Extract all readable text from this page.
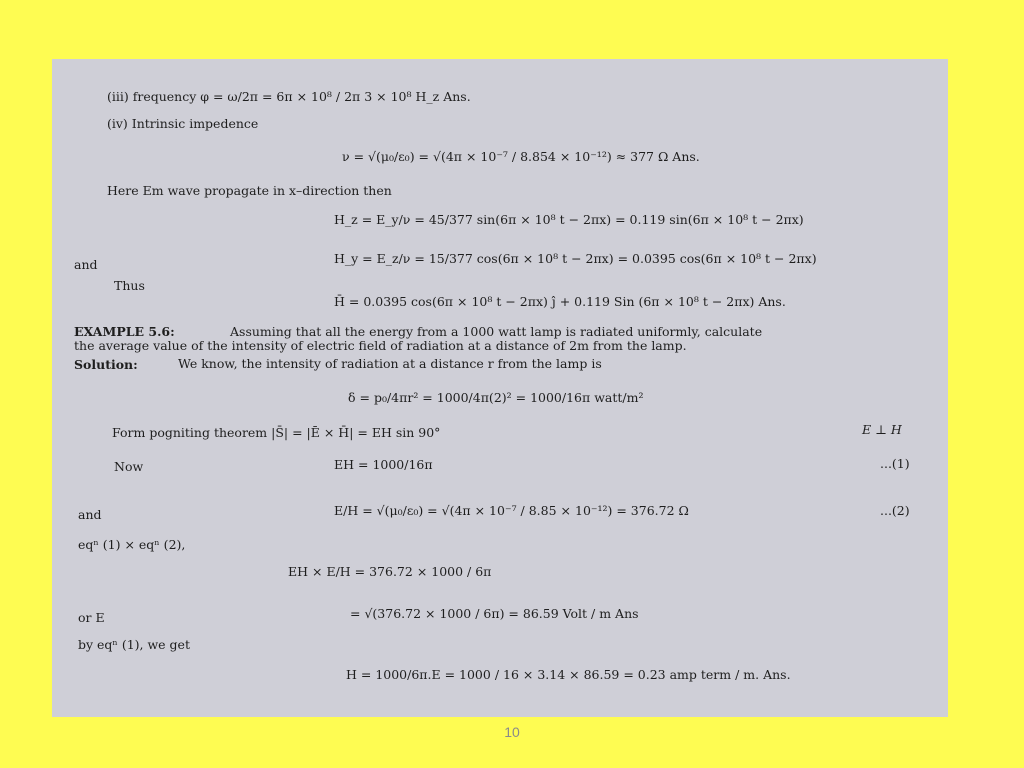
(iii) frequency φ = ω/2π = 6π × 10⁸ / 2π 3 × 10⁸ H_z Ans.
(iv) Intrinsic impedence
ν = √(μ₀/ε₀) = √(4π × 10⁻⁷ / 8.854 × 10⁻¹²) ≈ 377 Ω Ans.
Here Em wave propagate in x–direction then
H_z = E_y/ν = 45/377 sin(6π × 10⁸ t − 2πx) = 0.119 sin(6π × 10⁸ t − 2πx)
and	H_y = E_z/ν = 15/377 cos(6π × 10⁸ t − 2πx) = 0.0395 cos(6π × 10⁸ t − 2πx)
Thus
H̄ = 0.0395 cos(6π × 10⁸ t − 2πx) ĵ + 0.119 Sin (6π × 10⁸ t − 2πx) Ans.
EXAMPLE 5.6:	Assuming that all the energy from a 1000 watt lamp is radiated uniformly, calculate
the average value of the intensity of electric field of radiation at a distance of 2m from the lamp.
Solution:	We know, the intensity of radiation at a distance r from the lamp is
δ = p₀/4πr² = 1000/4π(2)² = 1000/16π watt/m²
Form pogniting theorem |S̄| = |Ē × H̄| = EH sin 90°	E ⊥ H
Now	EH = 1000/16π	...(1)
and	E/H = √(μ₀/ε₀) = √(4π × 10⁻⁷ / 8.85 × 10⁻¹²) = 376.72 Ω	...(2)
eqⁿ (1) × eqⁿ (2),
EH × E/H = 376.72 × 1000 / 6π
or E	= √(376.72 × 1000 / 6π) = 86.59 Volt / m Ans
by eqⁿ (1), we get
H = 1000/6π.E = 1000 / 16 × 3.14 × 86.59 = 0.23 amp term / m. Ans.
10
